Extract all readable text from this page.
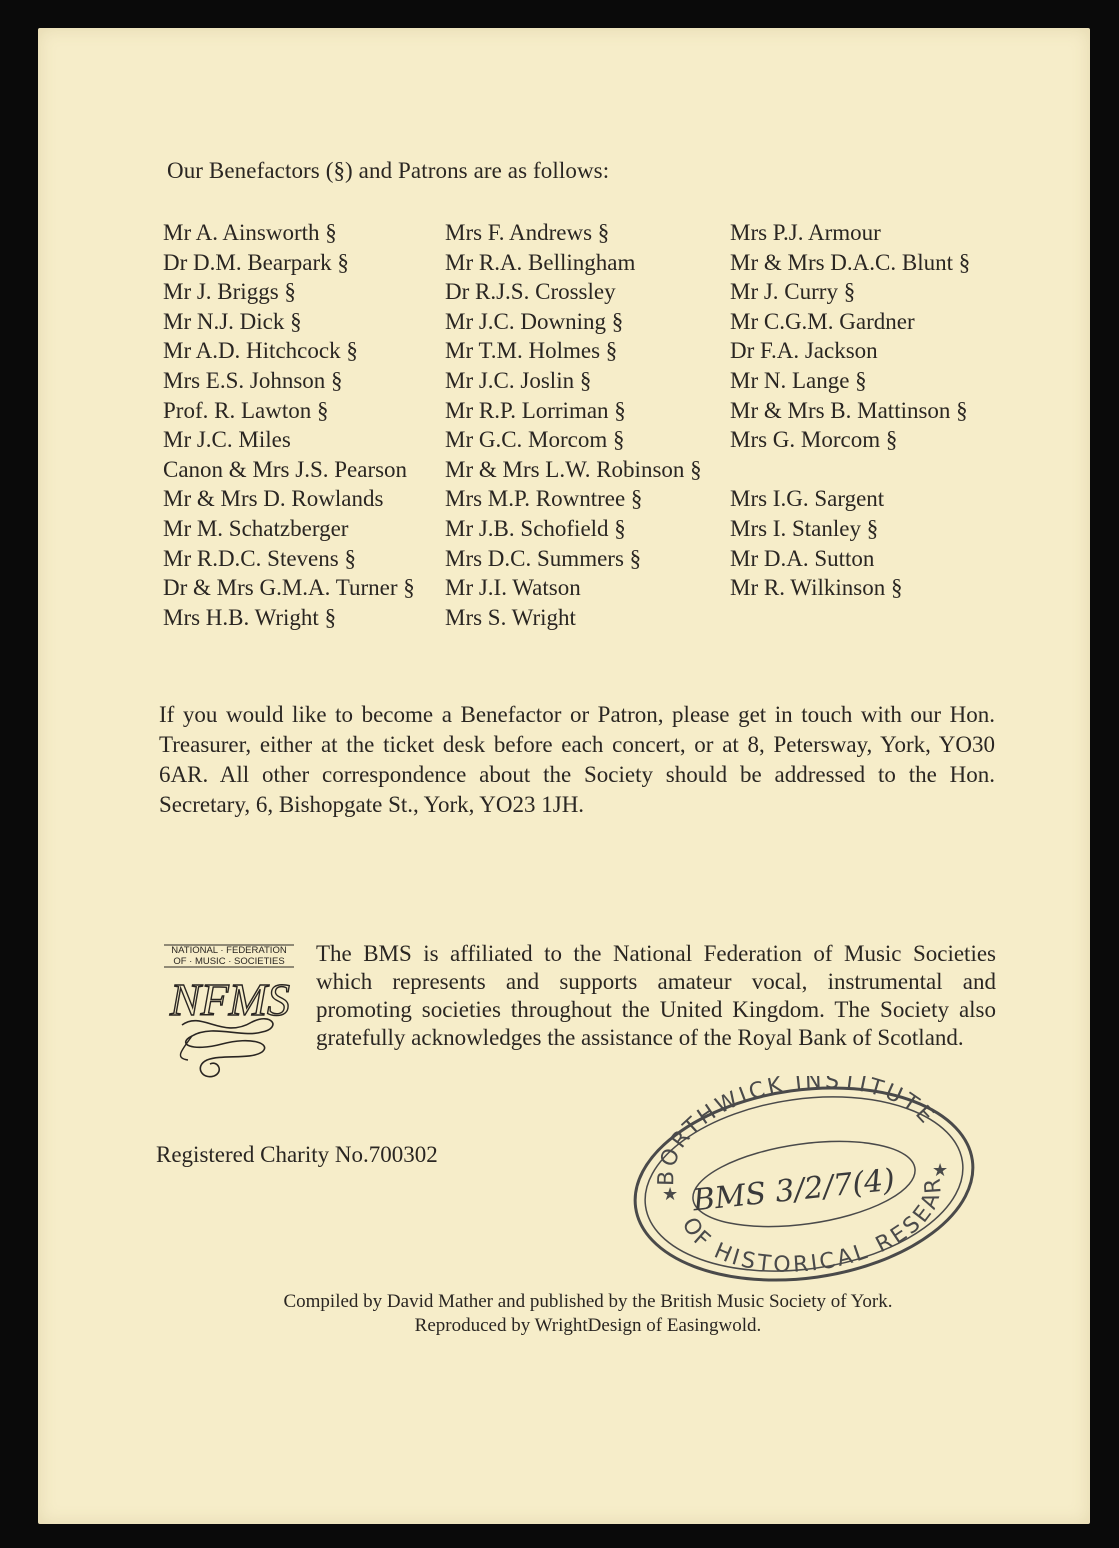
Our Benefactors (§) and Patrons are as follows:
Mr A. Ainsworth §
Dr D.M. Bearpark §
Mr J. Briggs §
Mr N.J. Dick §
Mr A.D. Hitchcock §
Mrs E.S. Johnson §
Prof. R. Lawton §
Mr J.C. Miles
Canon & Mrs J.S. Pearson
Mr & Mrs D. Rowlands
Mr M. Schatzberger
Mr R.D.C. Stevens §
Dr & Mrs G.M.A. Turner §
Mrs H.B. Wright §
Mrs F. Andrews §
Mr R.A. Bellingham
Dr R.J.S. Crossley
Mr J.C. Downing §
Mr T.M. Holmes §
Mr J.C. Joslin §
Mr R.P. Lorriman §
Mr G.C. Morcom §
Mr & Mrs L.W. Robinson §
Mrs M.P. Rowntree §
Mr J.B. Schofield §
Mrs D.C. Summers §
Mr J.I. Watson
Mrs S. Wright
Mrs P.J. Armour
Mr & Mrs D.A.C. Blunt §
Mr J. Curry §
Mr C.G.M. Gardner
Dr F.A. Jackson
Mr N. Lange §
Mr & Mrs B. Mattinson §
Mrs G. Morcom §
Mrs I.G. Sargent
Mrs I. Stanley §
Mr D.A. Sutton
Mr R. Wilkinson §
If you would like to become a Benefactor or Patron, please get in touch with our Hon. Treasurer, either at the ticket desk before each concert, or at 8, Petersway, York, YO30 6AR. All other correspondence about the Society should be addressed to the Hon. Secretary, 6, Bishopgate St., York, YO23 1JH.
NATIONAL · FEDERATION
OF · MUSIC · SOCIETIES
NFMS
The BMS is affiliated to the National Federation of Music Societies which represents and supports amateur vocal, instrumental and promoting societies throughout the United Kingdom. The Society also gratefully acknowledges the assistance of the Royal Bank of Scotland.
Registered Charity No.700302
BORTHWICK INSTITUTE
OF HISTORICAL RESEAR
★
★
BMS 3/2/7(4)
Compiled by David Mather and published by the British Music Society of York.
Reproduced by WrightDesign of Easingwold.
